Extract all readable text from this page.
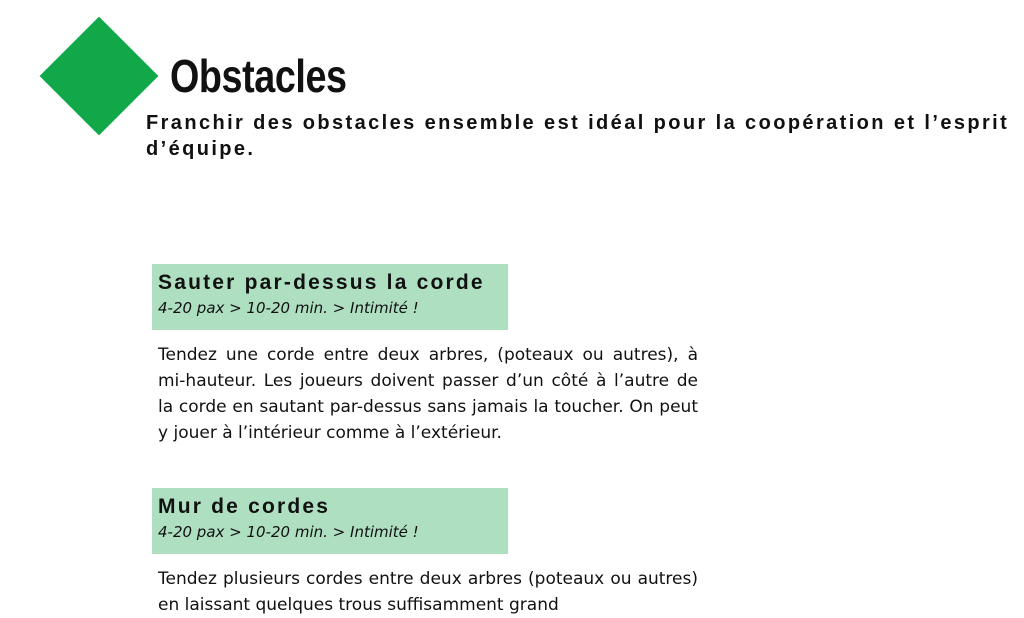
Obstacles

Franchir des obstacles ensemble est idéal pour la coopération et l’esprit d’équipe.

Sauter par-dessus la corde
4-20 pax > 10-20 min. > Intimité !

Tendez une corde entre deux arbres, (poteaux ou autres), à mi-hauteur. Les joueurs doivent passer d’un côté à l’autre de la corde en sautant par-dessus sans jamais la toucher. On peut y jouer à l’intérieur comme à l’extérieur.

Mur de cordes
4-20 pax > 10-20 min. > Intimité !

Tendez plusieurs cordes entre deux arbres (poteaux ou autres) en laissant quelques trous suffisamment grand
